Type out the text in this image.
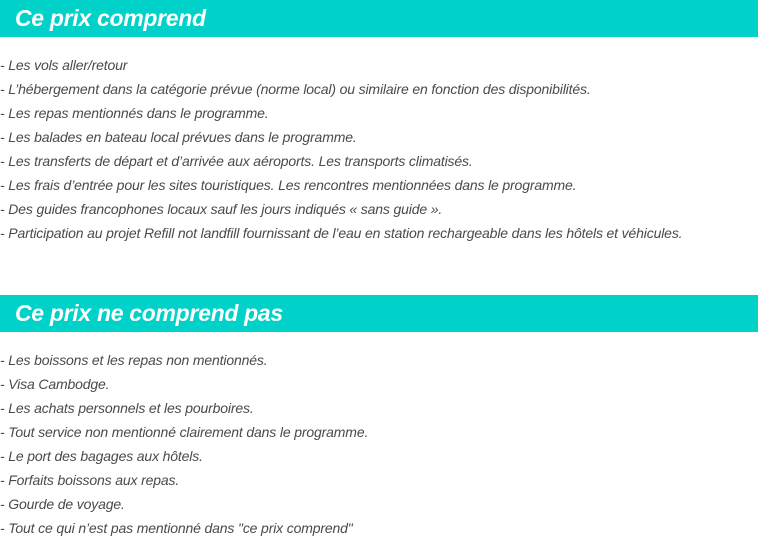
Ce prix comprend
- Les vols aller/retour
- L’hébergement dans la catégorie prévue (norme local) ou similaire en fonction des disponibilités.
- Les repas mentionnés dans le programme.
- Les balades en bateau local prévues dans le programme.
- Les transferts de départ et d’arrivée aux aéroports. Les transports climatisés.
- Les frais d’entrée pour les sites touristiques. Les rencontres mentionnées dans le programme.
- Des guides francophones locaux sauf les jours indiqués « sans guide ».
- Participation au projet Refill not landfill fournissant de l’eau en station rechargeable dans les hôtels et véhicules.
Ce prix ne comprend pas
- Les boissons et les repas non mentionnés.
- Visa Cambodge.
- Les achats personnels et les pourboires.
- Tout service non mentionné clairement dans le programme.
- Le port des bagages aux hôtels.
- Forfaits boissons aux repas.
- Gourde de voyage.
- Tout ce qui n’est pas mentionné dans "ce prix comprend"
